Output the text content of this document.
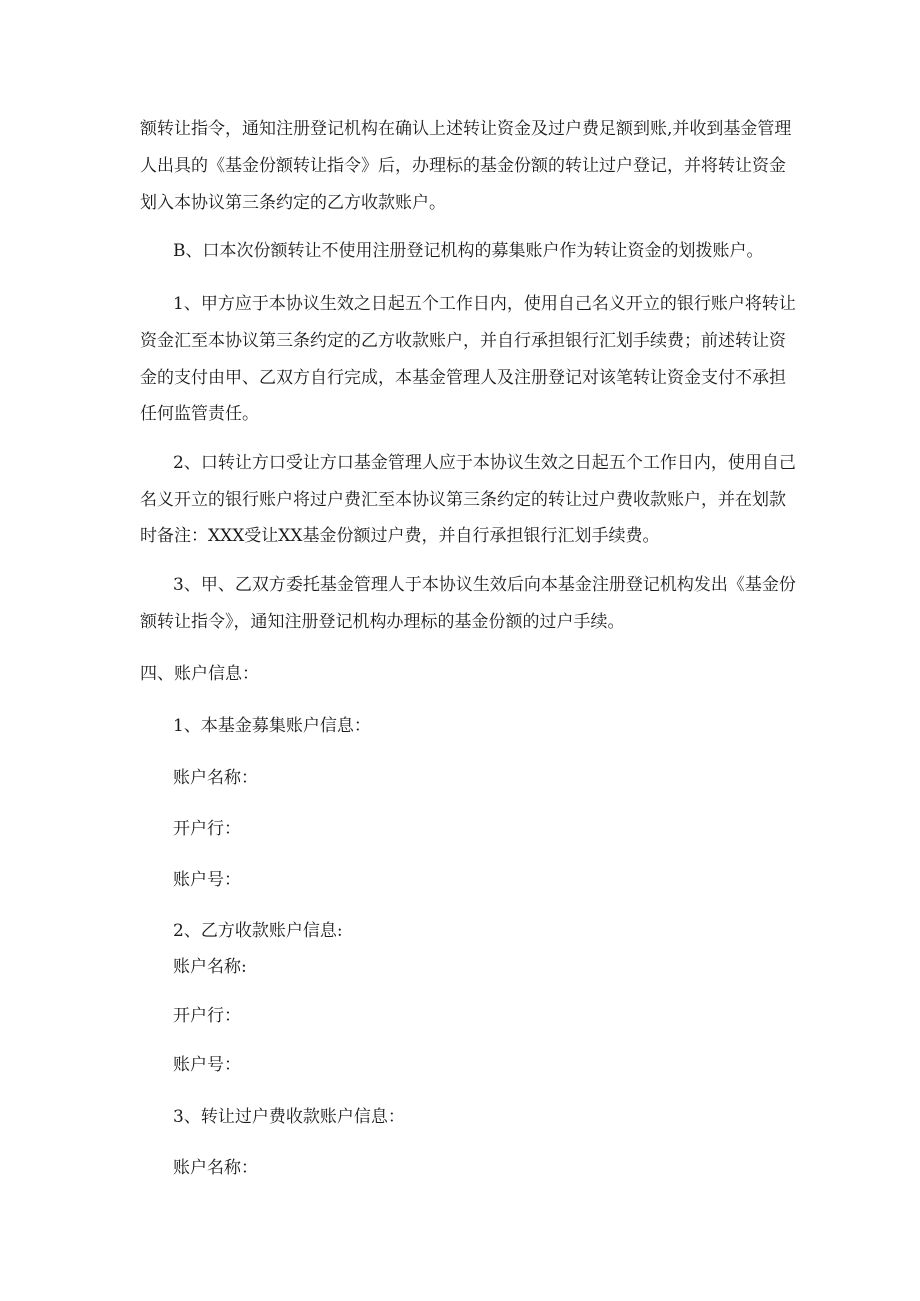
额转让指令，通知注册登记机构在确认上述转让资金及过户费足额到账,并收到基金管理

人出具的《基金份额转让指令》后，办理标的基金份额的转让过户登记，并将转让资金

划入本协议第三条约定的乙方收款账户。

B、口本次份额转让不使用注册登记机构的募集账户作为转让资金的划拨账户。

1、甲方应于本协议生效之日起五个工作日内，使用自己名义开立的银行账户将转让

资金汇至本协议第三条约定的乙方收款账户，并自行承担银行汇划手续费；前述转让资

金的支付由甲、乙双方自行完成，本基金管理人及注册登记对该笔转让资金支付不承担

任何监管责任。

2、口转让方口受让方口基金管理人应于本协议生效之日起五个工作日内，使用自己

名义开立的银行账户将过户费汇至本协议第三条约定的转让过户费收款账户，并在划款

时备注：XXX受让XX基金份额过户费，并自行承担银行汇划手续费。

3、甲、乙双方委托基金管理人于本协议生效后向本基金注册登记机构发出《基金份

额转让指令》，通知注册登记机构办理标的基金份额的过户手续。

四、账户信息：

1、本基金募集账户信息：

账户名称：

开户行：

账户号：

2、乙方收款账户信息:

账户名称:

开户行：

账户号：

3、转让过户费收款账户信息：

账户名称：
